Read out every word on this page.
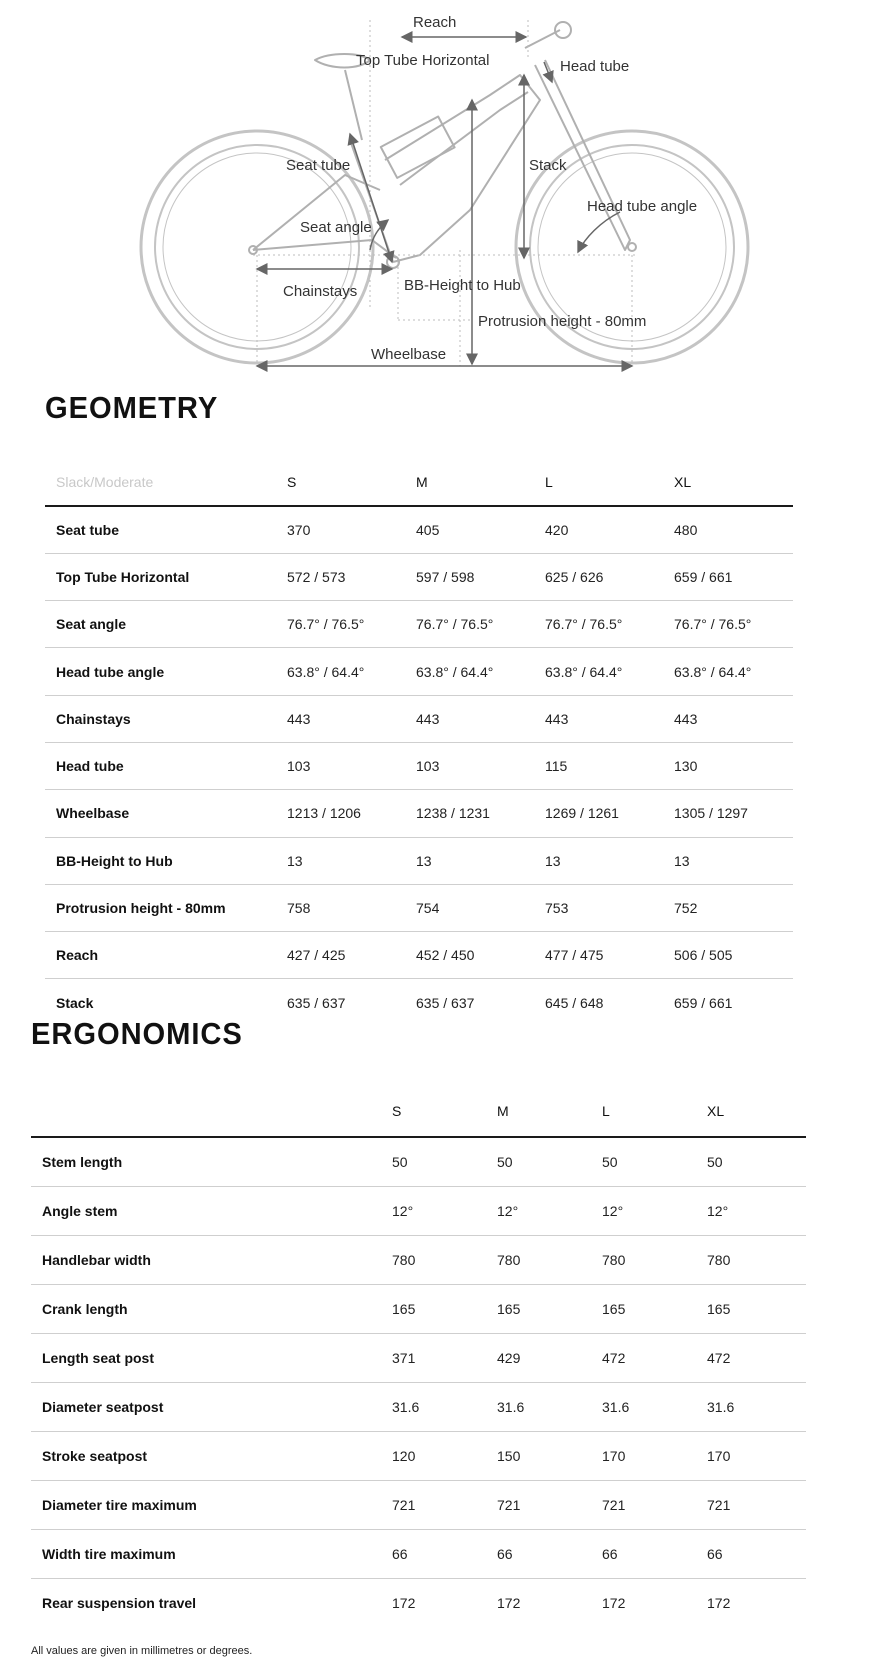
Reach
Top Tube Horizontal	Head tube
Seat tube	Stack
Head tube angle
Seat angle
Chainstays	BB-Height to Hub
Protrusion height - 80mm
Wheelbase
GEOMETRY
Slack/Moderate	S	M	L	XL
Seat tube	370	405	420	480
Top Tube Horizontal	572 / 573	597 / 598	625 / 626	659 / 661
Seat angle	76.7° / 76.5°	76.7° / 76.5°	76.7° / 76.5°	76.7° / 76.5°
Head tube angle	63.8° / 64.4°	63.8° / 64.4°	63.8° / 64.4°	63.8° / 64.4°
Chainstays	443	443	443	443
Head tube	103	103	115	130
Wheelbase	1213 / 1206	1238 / 1231	1269 / 1261	1305 / 1297
BB-Height to Hub	13	13	13	13
Protrusion height - 80mm	758	754	753	752
Reach	427 / 425	452 / 450	477 / 475	506 / 505
Stack	635 / 637	635 / 637	645 / 648	659 / 661
ERGONOMICS
	S	M	L	XL
Stem length	50	50	50	50
Angle stem	12°	12°	12°	12°
Handlebar width	780	780	780	780
Crank length	165	165	165	165
Length seat post	371	429	472	472
Diameter seatpost	31.6	31.6	31.6	31.6
Stroke seatpost	120	150	170	170
Diameter tire maximum	721	721	721	721
Width tire maximum	66	66	66	66
Rear suspension travel	172	172	172	172

All values are given in millimetres or degrees.
